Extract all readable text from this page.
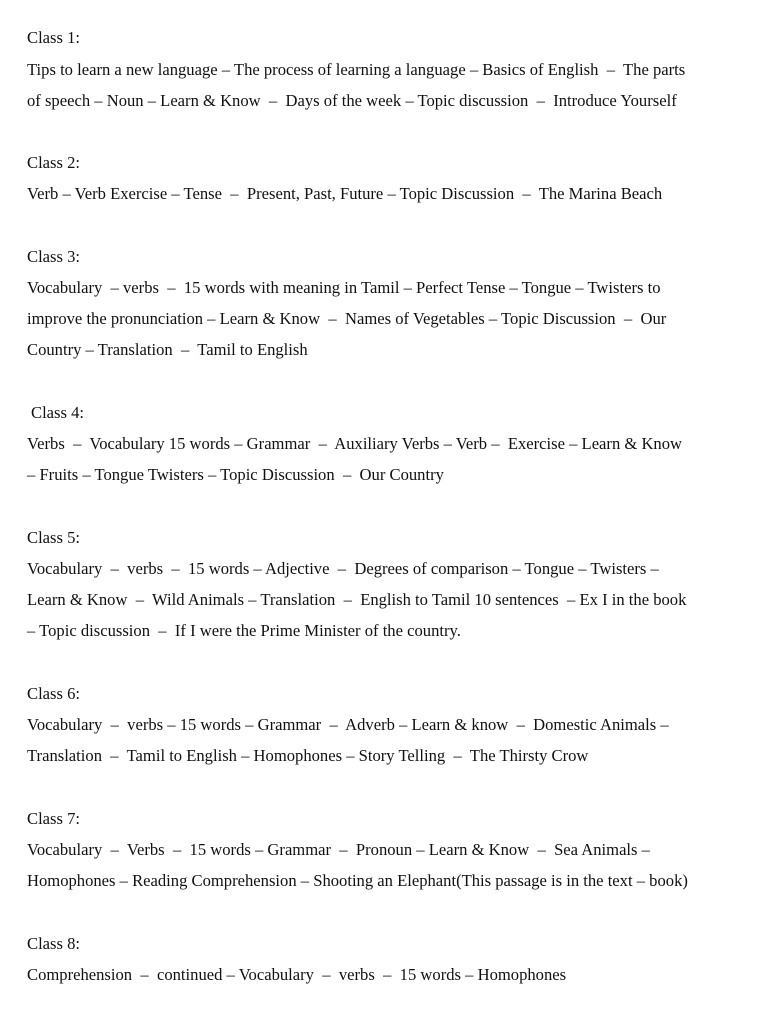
Class 1:
Tips to learn a new language – The process of learning a language – Basics of English  –  The parts
of speech – Noun – Learn & Know  –  Days of the week – Topic discussion  –  Introduce Yourself
Class 2:
Verb – Verb Exercise – Tense  –  Present, Past, Future – Topic Discussion  –  The Marina Beach
Class 3:
Vocabulary  – verbs  –  15 words with meaning in Tamil – Perfect Tense – Tongue – Twisters to
improve the pronunciation – Learn & Know  –  Names of Vegetables – Topic Discussion  –  Our
Country – Translation  –  Tamil to English
Class 4:
Verbs  –  Vocabulary 15 words – Grammar  –  Auxiliary Verbs – Verb –  Exercise – Learn & Know
– Fruits – Tongue Twisters – Topic Discussion  –  Our Country
Class 5:
Vocabulary  –  verbs  –  15 words – Adjective  –  Degrees of comparison – Tongue – Twisters –
Learn & Know  –  Wild Animals – Translation  –  English to Tamil 10 sentences  – Ex I in the book
– Topic discussion  –  If I were the Prime Minister of the country.
Class 6:
Vocabulary  –  verbs – 15 words – Grammar  –  Adverb – Learn & know  –  Domestic Animals –
Translation  –  Tamil to English – Homophones – Story Telling  –  The Thirsty Crow
Class 7:
Vocabulary  –  Verbs  –  15 words – Grammar  –  Pronoun – Learn & Know  –  Sea Animals –
Homophones – Reading Comprehension – Shooting an Elephant(This passage is in the text – book)
Class 8:
Comprehension  –  continued – Vocabulary  –  verbs  –  15 words – Homophones
